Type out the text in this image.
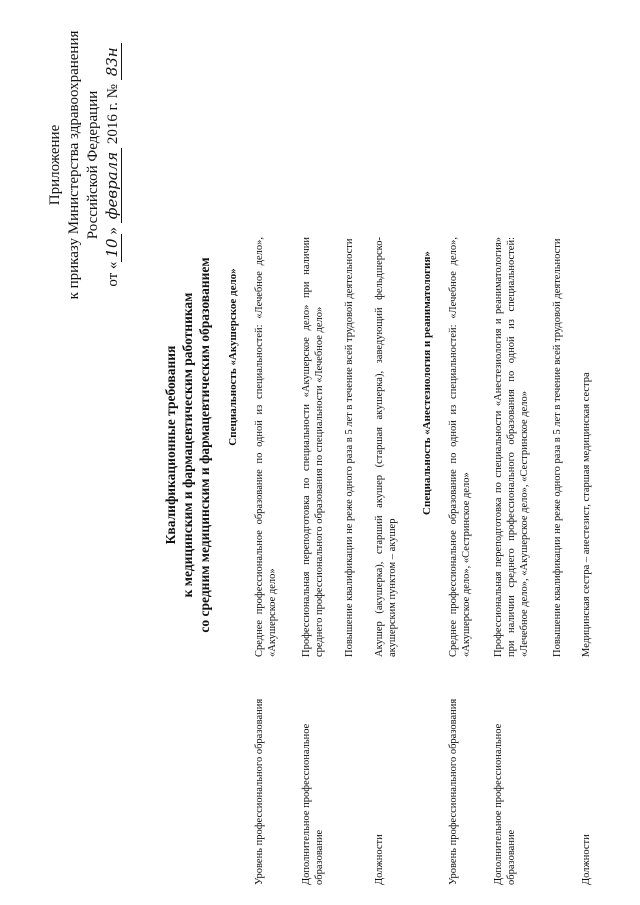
Приложение к приказу Министерства здравоохранения Российской Федерации
от «10» февраля 2016 г. № 83н
Квалификационные требования к медицинским и фармацевтическим работникам со средним медицинским и фармацевтическим образованием Специальность «Акушерское дело»
Уровень профессионального образования
Среднее профессиональное образование по одной из специальностей: «Лечебное дело», «Акушерское дело»
Дополнительное профессиональное образование
Профессиональная переподготовка по специальности «Акушерское дело» при наличии среднего профессионального образования по специальности «Лечебное дело» Повышение квалификации не реже одного раза в 5 лет в течение всей трудовой деятельности
Должности
Акушер (акушерка), старший акушер (старшая акушерка), заведующий фельдшерско-акушерским пунктом – акушер
Специальность «Анестезиология и реаниматология»
Уровень профессионального образования
Среднее профессиональное образование по одной из специальностей: «Лечебное дело», «Акушерское дело», «Сестринское дело»
Дополнительное профессиональное образование
Профессиональная переподготовка по специальности «Анестезиология и реаниматология» при наличии среднего профессионального образования по одной из специальностей: «Лечебное дело», «Акушерское дело», «Сестринское дело» Повышение квалификации не реже одного раза в 5 лет в течение всей трудовой деятельности
Должности
Медицинская сестра – анестезист, старшая медицинская сестра
